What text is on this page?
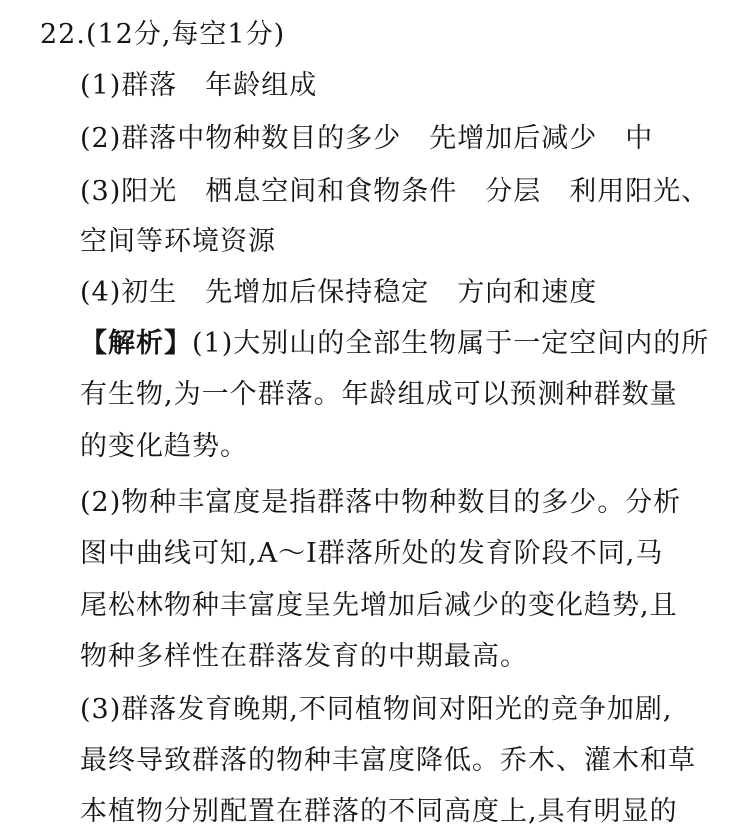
22.(12分,每空1分)
(1)群落　年龄组成
(2)群落中物种数目的多少　先增加后减少　中
(3)阳光　栖息空间和食物条件　分层　利用阳光、
空间等环境资源
(4)初生　先增加后保持稳定　方向和速度
【解析】(1)大别山的全部生物属于一定空间内的所
有生物,为一个群落。年龄组成可以预测种群数量
的变化趋势。
(2)物种丰富度是指群落中物种数目的多少。分析
图中曲线可知,A～I群落所处的发育阶段不同,马
尾松林物种丰富度呈先增加后减少的变化趋势,且
物种多样性在群落发育的中期最高。
(3)群落发育晚期,不同植物间对阳光的竞争加剧,
最终导致群落的物种丰富度降低。乔木、灌木和草
本植物分别配置在群落的不同高度上,具有明显的
